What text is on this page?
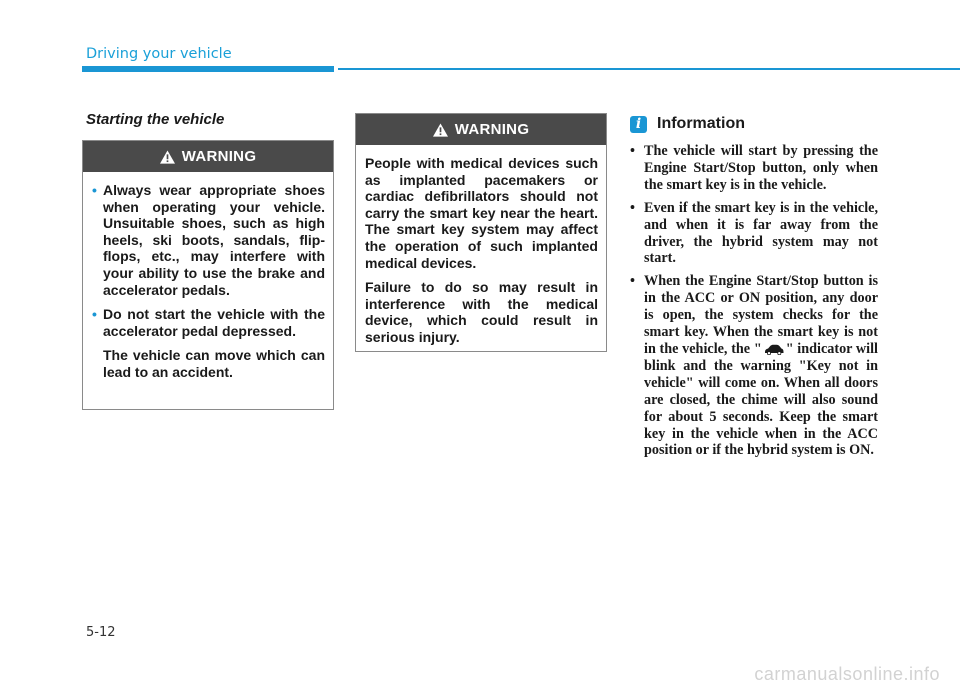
Driving your vehicle
Starting the vehicle
WARNING
• Always wear appropriate shoes when operating your vehicle. Unsuitable shoes, such as high heels, ski boots, sandals, flip-flops, etc., may interfere with your ability to use the brake and accelerator pedals.
• Do not start the vehicle with the accelerator pedal depressed.

The vehicle can move which can lead to an accident.

WARNING

People with medical devices such as implanted pacemakers or cardiac defibrillators should not carry the smart key near the heart. The smart key system may affect the operation of such implanted medical devices.

Failure to do so may result in interference with the medical device, which could result in serious injury.

i Information
• The vehicle will start by pressing the Engine Start/Stop button, only when the smart key is in the vehicle.
• Even if the smart key is in the vehicle, and when it is far away from the driver, the hybrid system may not start.
• When the Engine Start/Stop button is in the ACC or ON position, any door is open, the system checks for the smart key. When the smart key is not in the vehicle, the " " indicator will blink and the warning "Key not in vehicle" will come on. When all doors are closed, the chime will also sound for about 5 seconds. Keep the smart key in the vehicle when in the ACC position or if the hybrid system is ON.

5-12

carmanualsonline.info
